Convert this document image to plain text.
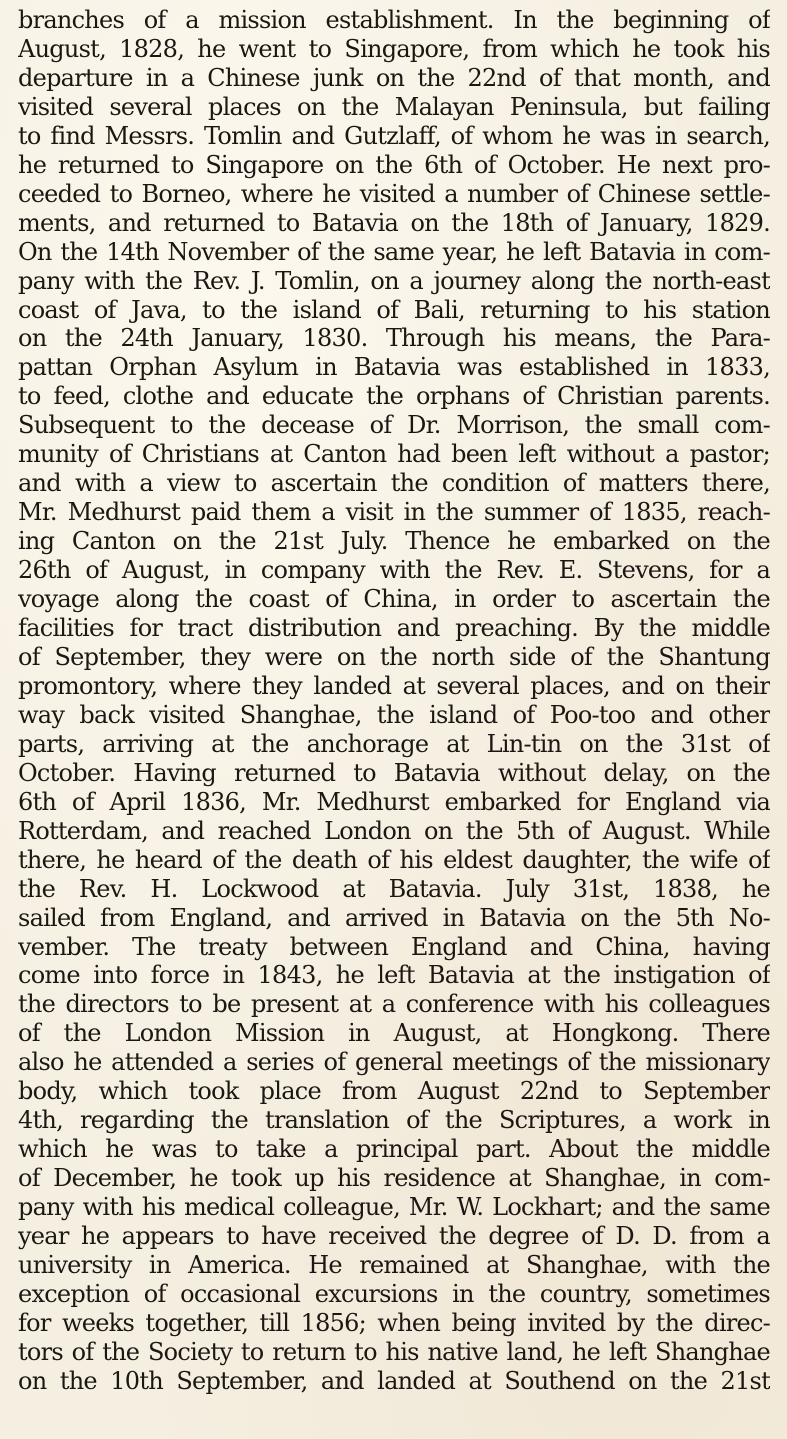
branches of a mission establishment. In the beginning of
August, 1828, he went to Singapore, from which he took his
departure in a Chinese junk on the 22nd of that month, and
visited several places on the Malayan Peninsula, but failing
to find Messrs. Tomlin and Gutzlaff, of whom he was in search,
he returned to Singapore on the 6th of October. He next pro-
ceeded to Borneo, where he visited a number of Chinese settle-
ments, and returned to Batavia on the 18th of January, 1829.
On the 14th November of the same year, he left Batavia in com-
pany with the Rev. J. Tomlin, on a journey along the north-east
coast of Java, to the island of Bali, returning to his station
on the 24th January, 1830. Through his means, the Para-
pattan Orphan Asylum in Batavia was established in 1833,
to feed, clothe and educate the orphans of Christian parents.
Subsequent to the decease of Dr. Morrison, the small com-
munity of Christians at Canton had been left without a pastor;
and with a view to ascertain the condition of matters there,
Mr. Medhurst paid them a visit in the summer of 1835, reach-
ing Canton on the 21st July. Thence he embarked on the
26th of August, in company with the Rev. E. Stevens, for a
voyage along the coast of China, in order to ascertain the
facilities for tract distribution and preaching. By the middle
of September, they were on the north side of the Shantung
promontory, where they landed at several places, and on their
way back visited Shanghae, the island of Poo-too and other
parts, arriving at the anchorage at Lin-tin on the 31st of
October. Having returned to Batavia without delay, on the
6th of April 1836, Mr. Medhurst embarked for England via
Rotterdam, and reached London on the 5th of August. While
there, he heard of the death of his eldest daughter, the wife of
the Rev. H. Lockwood at Batavia. July 31st, 1838, he
sailed from England, and arrived in Batavia on the 5th No-
vember. The treaty between England and China, having
come into force in 1843, he left Batavia at the instigation of
the directors to be present at a conference with his colleagues
of the London Mission in August, at Hongkong. There
also he attended a series of general meetings of the missionary
body, which took place from August 22nd to September
4th, regarding the translation of the Scriptures, a work in
which he was to take a principal part. About the middle
of December, he took up his residence at Shanghae, in com-
pany with his medical colleague, Mr. W. Lockhart; and the same
year he appears to have received the degree of D. D. from a
university in America. He remained at Shanghae, with the
exception of occasional excursions in the country, sometimes
for weeks together, till 1856; when being invited by the direc-
tors of the Society to return to his native land, he left Shanghae
on the 10th September, and landed at Southend on the 21st
